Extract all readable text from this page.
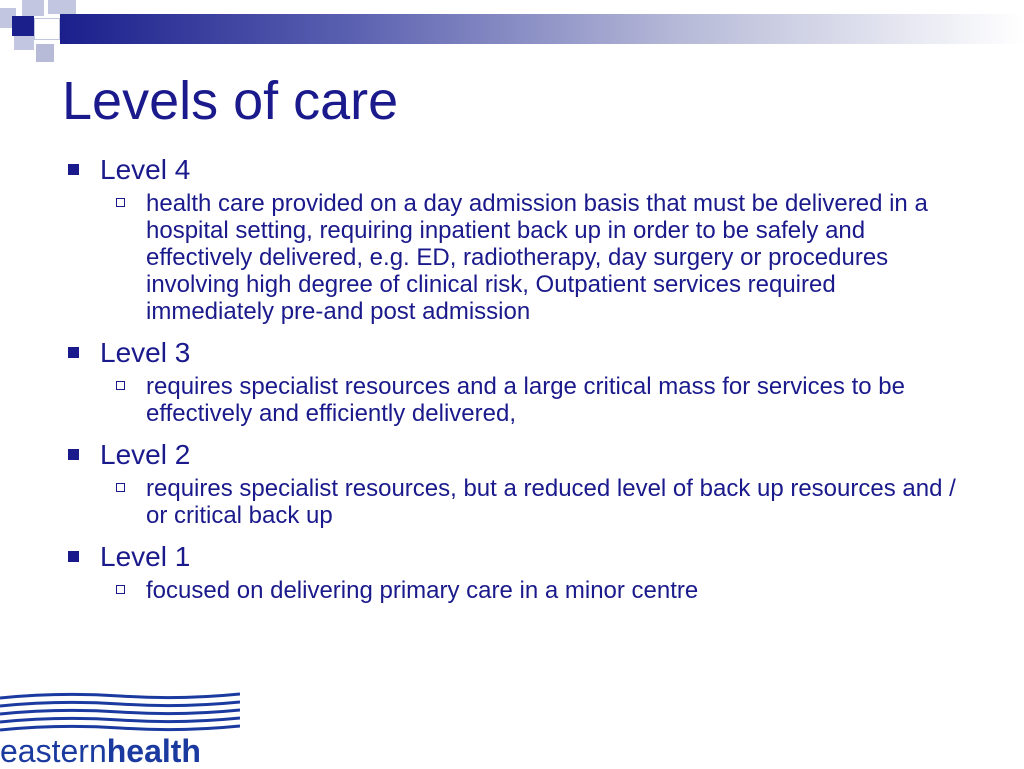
Levels of care
Level 4
health care provided on a day admission basis that must be delivered in a hospital setting, requiring inpatient back up in order to be safely and effectively delivered, e.g. ED, radiotherapy, day surgery or procedures involving high degree of clinical risk, Outpatient services required immediately pre-and post admission
Level 3
requires specialist resources and a large critical mass for services to be effectively and efficiently delivered,
Level 2
requires specialist resources, but a reduced level of back up resources and / or critical back up
Level 1
focused on delivering primary care in a minor centre
easternhealth
